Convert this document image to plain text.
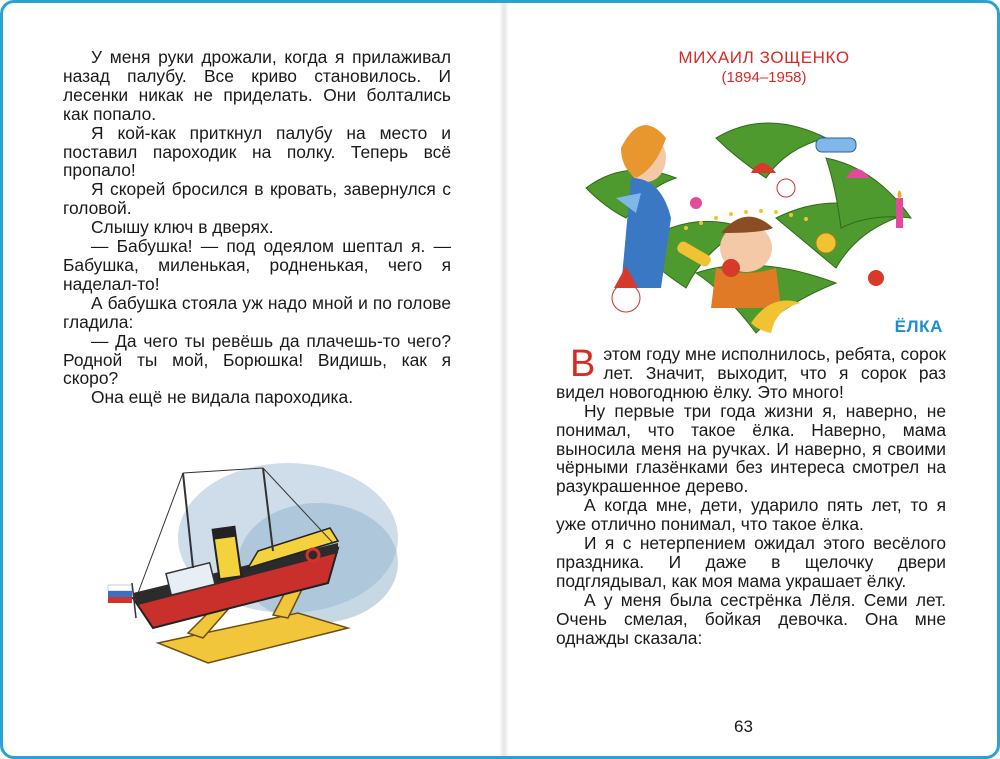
У меня руки дрожали, когда я прилаживал назад палубу. Все криво становилось. И лесенки никак не приделать. Они болтались как попало.

Я кой-как приткнул палубу на место и поставил пароходик на полку. Теперь всё пропало!

Я скорей бросился в кровать, завернулся с головой.

Слышу ключ в дверях.

— Бабушка! — под одеялом шептал я. — Бабушка, миленькая, родненькая, чего я наделал-то!

А бабушка стояла уж надо мной и по голове гладила:

— Да чего ты ревёшь да плачешь-то чего? Родной ты мой, Борюшка! Видишь, как я скоро?

Она ещё не видала пароходика.

МИХАИЛ ЗОЩЕНКО
(1894–1958)
ЁЛКА

Вэтом году мне исполнилось, ребята, сорок лет. Значит, выходит, что я сорок раз видел новогоднюю ёлку. Это много!

Ну первые три года жизни я, наверно, не понимал, что такое ёлка. Наверно, мама выносила меня на ручках. И наверно, я своими чёрными глазёнками без интереса смотрел на разукрашенное дерево.

А когда мне, дети, ударило пять лет, то я уже отлично понимал, что такое ёлка.

И я с нетерпением ожидал этого весёлого праздника. И даже в щелочку двери подглядывал, как моя мама украшает ёлку.

А у меня была сестрёнка Лёля. Семи лет. Очень смелая, бойкая девочка. Она мне однажды сказала:

63
